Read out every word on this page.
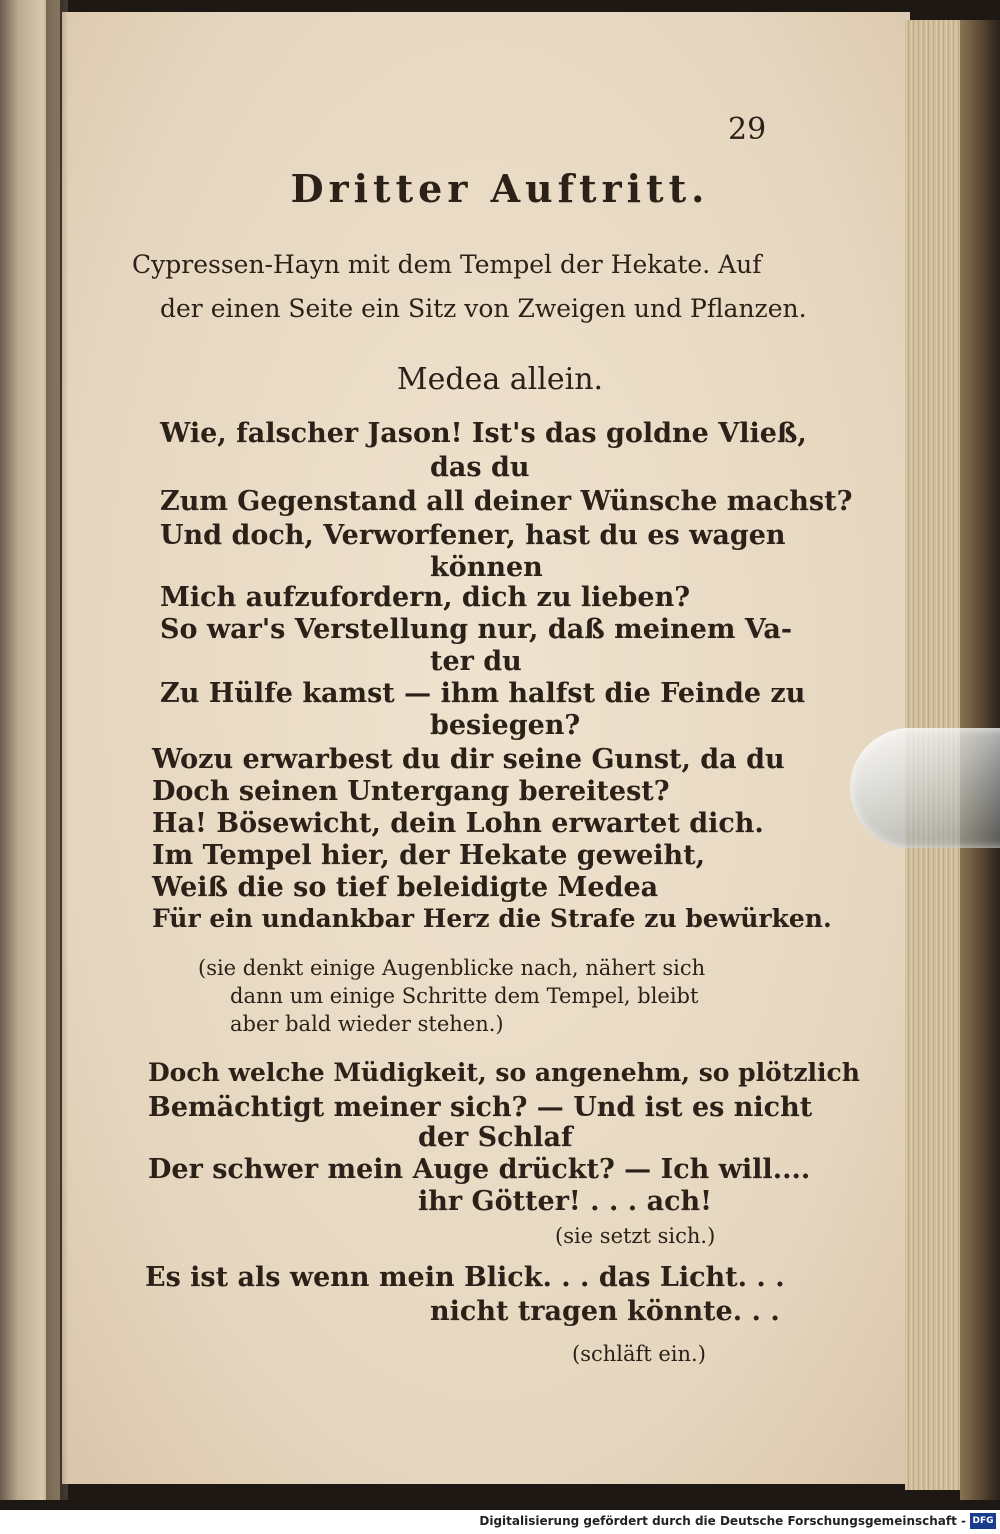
29
Dritter Auftritt.
Cypressen-Hayn mit dem Tempel der Hekate. Auf
der einen Seite ein Sitz von Zweigen und Pflanzen.
Medea allein.
Wie, falscher Jason! Ist's das goldne Vließ,
das du
Zum Gegenstand all deiner Wünsche machst?
Und doch, Verworfener, hast du es wagen
können
Mich aufzufordern, dich zu lieben?
So war's Verstellung nur, daß meinem Va-
ter du
Zu Hülfe kamst — ihm halfst die Feinde zu
besiegen?
Wozu erwarbest du dir seine Gunst, da du
Doch seinen Untergang bereitest?
Ha! Bösewicht, dein Lohn erwartet dich.
Im Tempel hier, der Hekate geweiht,
Weiß die so tief beleidigte Medea
Für ein undankbar Herz die Strafe zu bewürken.
(sie denkt einige Augenblicke nach, nähert sich
dann um einige Schritte dem Tempel, bleibt
aber bald wieder stehen.)
Doch welche Müdigkeit, so angenehm, so plötzlich
Bemächtigt meiner sich? — Und ist es nicht
der Schlaf
Der schwer mein Auge drückt? — Ich will....
ihr Götter! . . . ach!
(sie setzt sich.)
Es ist als wenn mein Blick. . . das Licht. . .
nicht tragen könnte. . .
(schläft ein.)
Digitalisierung gefördert durch die Deutsche Forschungsgemeinschaft - DFG
